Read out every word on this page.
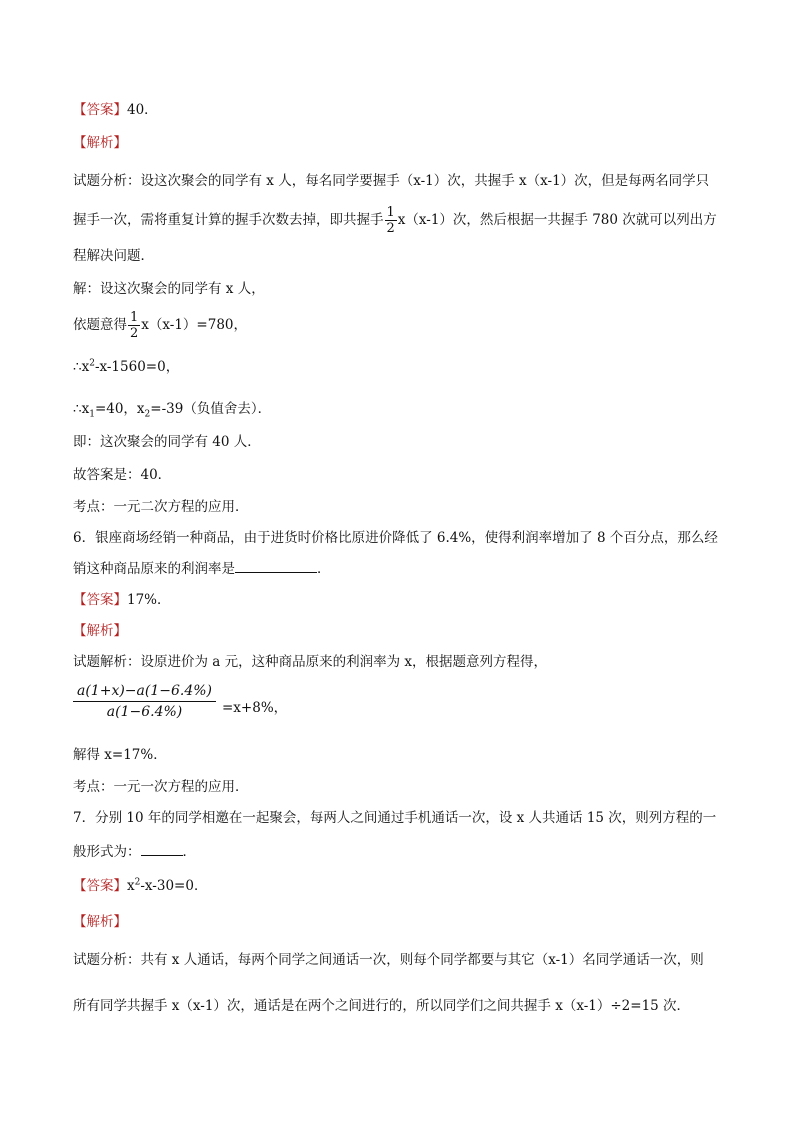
【答案】40．
【解析】
试题分析：设这次聚会的同学有 x 人，每名同学要握手（x-1）次，共握手 x（x-1）次，但是每两名同学只
握手一次，需将重复计算的握手次数去掉，即共握手 $\frac{1}{2} x(x-1)$次，然后根据一共握手 780 次就可以列出方
程解决问题．
解：设这次聚会的同学有 x 人，
依题意得 $\frac{1}{2} x(x-1)=780$，
$\therefore x^2-x-1560=0$，
$\therefore x_1=40$，$x_2=-39$（负值舍去）．
即：这次聚会的同学有 40 人．
故答案是：40．
考点：一元二次方程的应用．
6．银座商场经销一种商品，由于进货时价格比原进价降低了 6.4%，使得利润率增加了 8 个百分点，那么经
销这种商品原来的利润率是	．
【答案】17%．
【解析】
试题解析：设原进价为 a 元，这种商品原来的利润率为 x，根据题意列方程得，
$\frac{a(1+x)-a(1-6.4\%)}{a(1-6.4\%)} =x+8\%$，
解得 x=17%．
考点：一元一次方程的应用．
7．分别 10 年的同学相邀在一起聚会，每两人之间通过手机通话一次，设 x 人共通话 15 次，则列方程的一
般形式为：	．
【答案】$x^2-x-30=0$．
【解析】
试题分析：共有 x 人通话，每两个同学之间通话一次，则每个同学都要与其它（x-1）名同学通话一次，则
所有同学共握手 x（x-1）次，通话是在两个之间进行的，所以同学们之间共握手 x（x-1）÷2=15 次．
